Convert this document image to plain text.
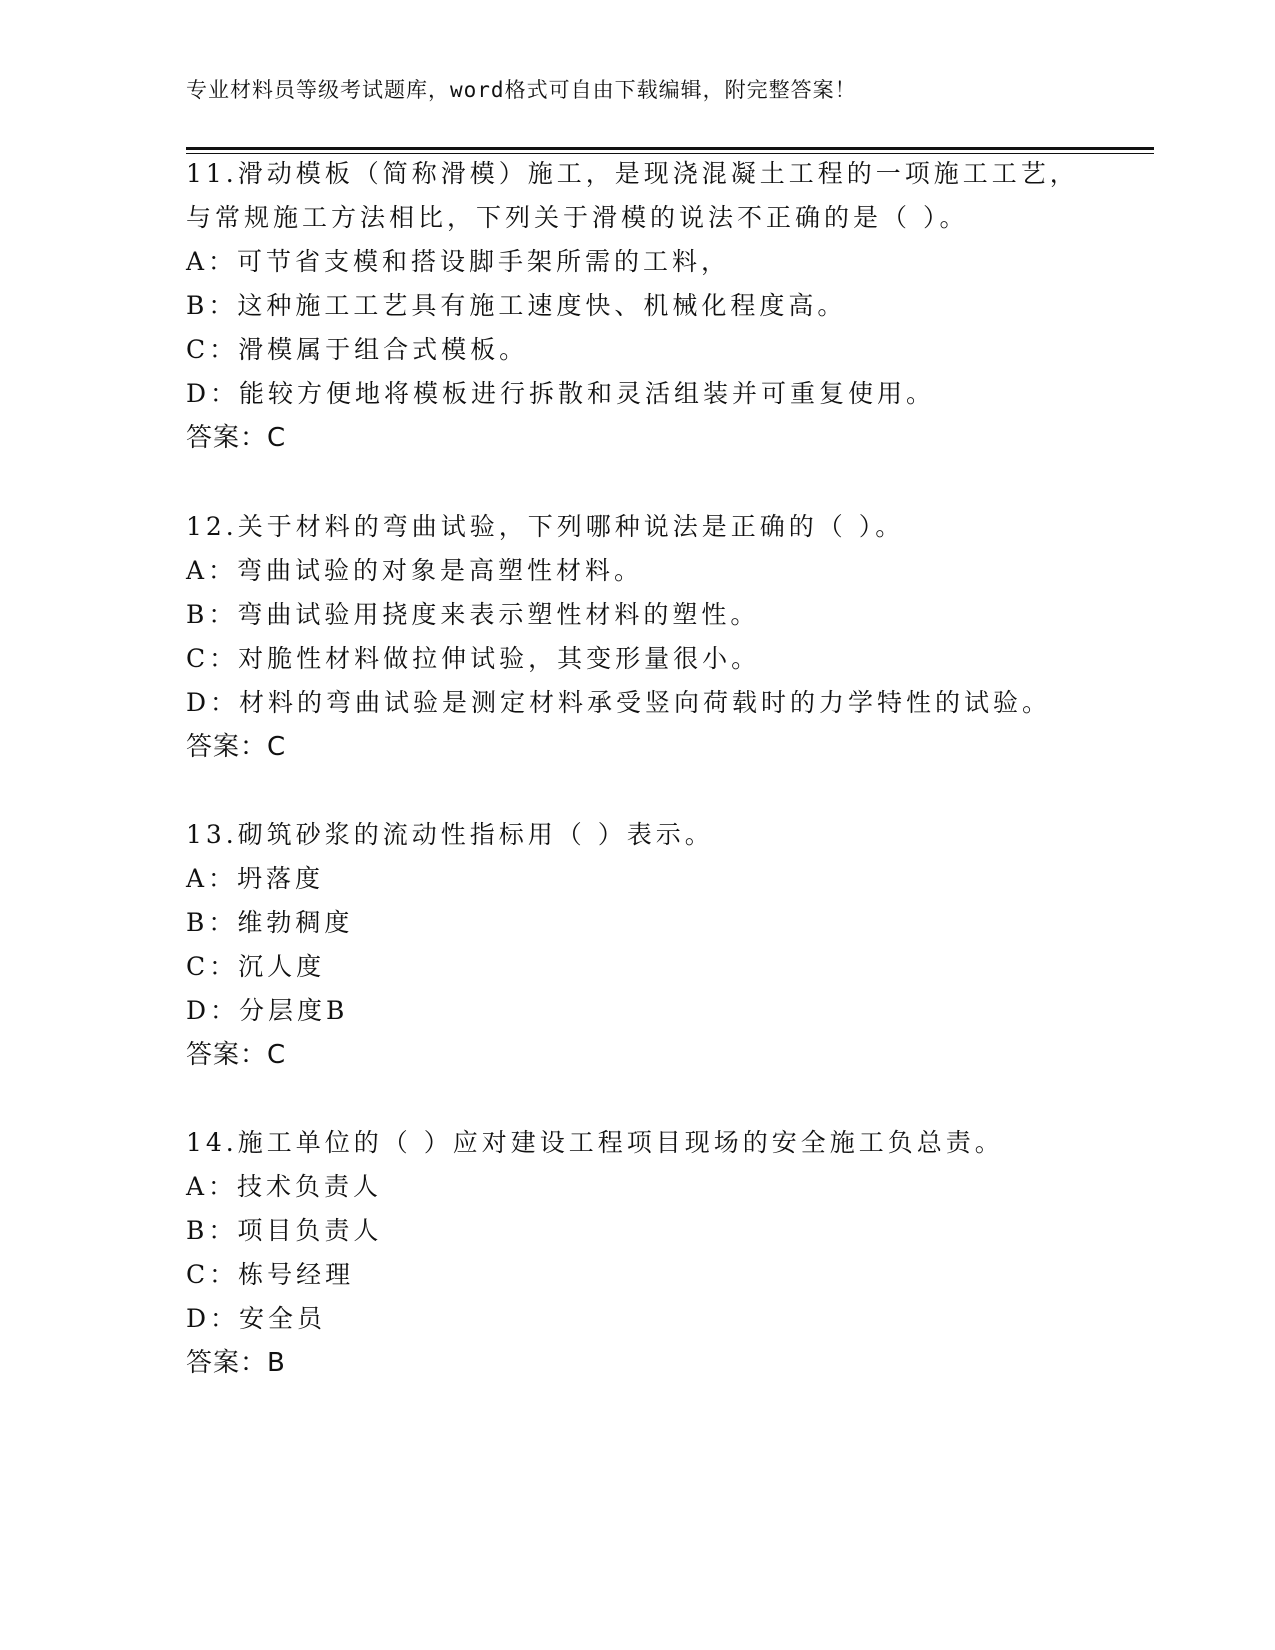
专业材料员等级考试题库，word格式可自由下载编辑，附完整答案！
11.滑动模板（简称滑模）施工，是现浇混凝土工程的一项施工工艺，
与常规施工方法相比，下列关于滑模的说法不正确的是（ ）。
A：可节省支模和搭设脚手架所需的工料，
B：这种施工工艺具有施工速度快、机械化程度高。
C：滑模属于组合式模板。
D：能较方便地将模板进行拆散和灵活组装并可重复使用。
答案：C
12.关于材料的弯曲试验，下列哪种说法是正确的（ ）。
A：弯曲试验的对象是高塑性材料。
B：弯曲试验用挠度来表示塑性材料的塑性。
C：对脆性材料做拉伸试验，其变形量很小。
D：材料的弯曲试验是测定材料承受竖向荷载时的力学特性的试验。
答案：C
13.砌筑砂浆的流动性指标用（ ）表示。
A：坍落度
B：维勃稠度
C：沉人度
D：分层度B
答案：C
14.施工单位的（ ）应对建设工程项目现场的安全施工负总责。
A：技术负责人
B：项目负责人
C：栋号经理
D：安全员
答案：B
